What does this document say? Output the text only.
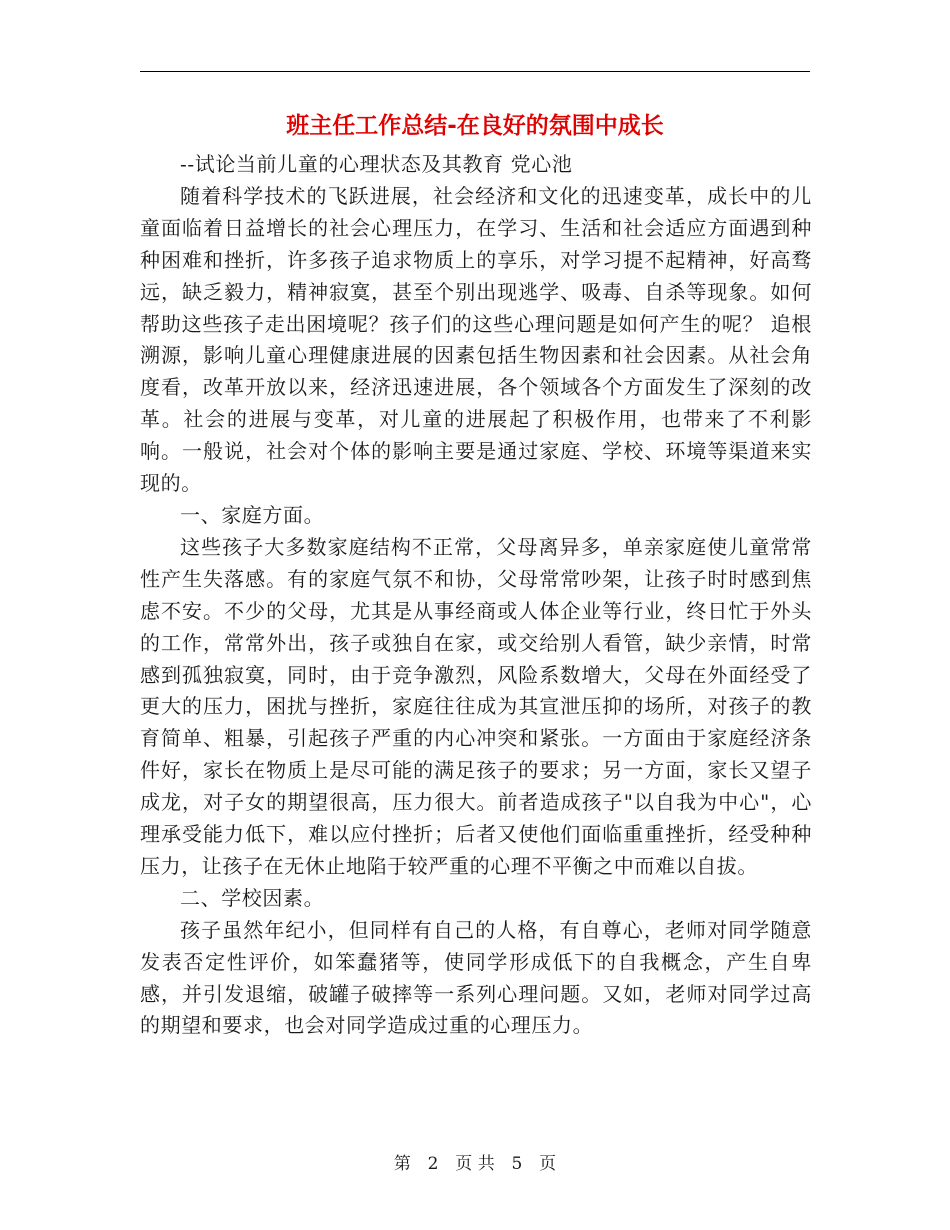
班主任工作总结-在良好的氛围中成长

--试论当前儿童的心理状态及其教育 党心池

随着科学技术的飞跃进展，社会经济和文化的迅速变革，成长中的儿童面临着日益增长的社会心理压力，在学习、生活和社会适应方面遇到种种困难和挫折，许多孩子追求物质上的享乐，对学习提不起精神，好高骛远，缺乏毅力，精神寂寞，甚至个别出现逃学、吸毒、自杀等现象。如何帮助这些孩子走出困境呢？孩子们的这些心理问题是如何产生的呢？ 追根溯源，影响儿童心理健康进展的因素包括生物因素和社会因素。从社会角度看，改革开放以来，经济迅速进展，各个领域各个方面发生了深刻的改革。社会的进展与变革，对儿童的进展起了积极作用，也带来了不利影响。一般说，社会对个体的影响主要是通过家庭、学校、环境等渠道来实现的。

一、家庭方面。

这些孩子大多数家庭结构不正常，父母离异多，单亲家庭使儿童常常性产生失落感。有的家庭气氛不和协，父母常常吵架，让孩子时时感到焦虑不安。不少的父母，尤其是从事经商或人体企业等行业，终日忙于外头的工作，常常外出，孩子或独自在家，或交给别人看管，缺少亲情，时常感到孤独寂寞，同时，由于竞争激烈，风险系数增大，父母在外面经受了更大的压力，困扰与挫折，家庭往往成为其宣泄压抑的场所，对孩子的教育简单、粗暴，引起孩子严重的内心冲突和紧张。一方面由于家庭经济条件好，家长在物质上是尽可能的满足孩子的要求；另一方面，家长又望子成龙，对子女的期望很高，压力很大。前者造成孩子"以自我为中心"，心理承受能力低下，难以应付挫折；后者又使他们面临重重挫折，经受种种压力，让孩子在无休止地陷于较严重的心理不平衡之中而难以自拔。

二、学校因素。

孩子虽然年纪小，但同样有自己的人格，有自尊心，老师对同学随意发表否定性评价，如笨蠢猪等，使同学形成低下的自我概念，产生自卑感，并引发退缩，破罐子破摔等一系列心理问题。又如，老师对同学过高的期望和要求，也会对同学造成过重的心理压力。

第 2 页 共 5 页
